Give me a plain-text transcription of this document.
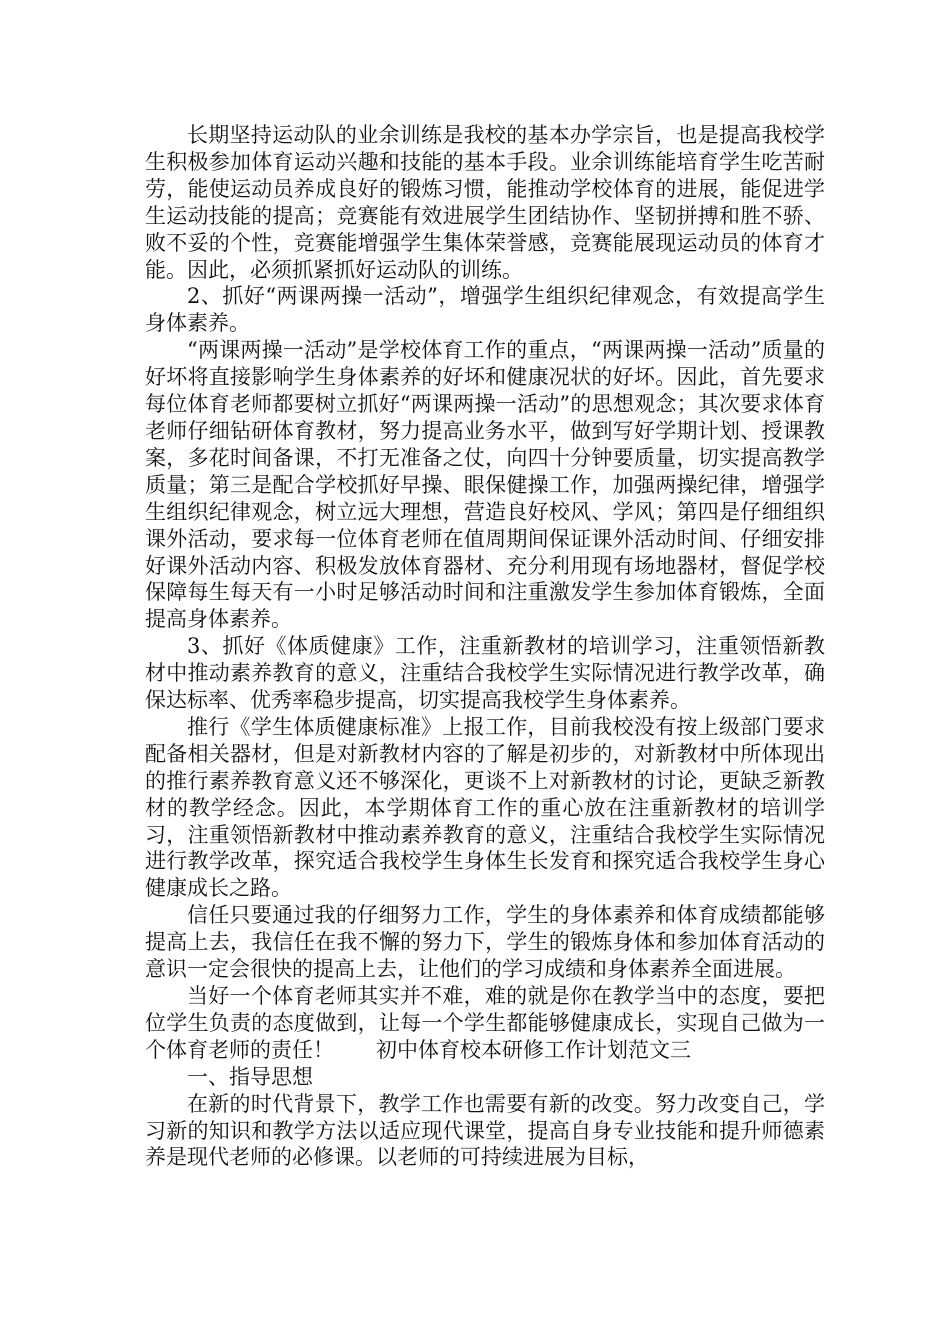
长期坚持运动队的业余训练是我校的基本办学宗旨，也是提高我校学生积极参加体育运动兴趣和技能的基本手段。业余训练能培育学生吃苦耐劳，能使运动员养成良好的锻炼习惯，能推动学校体育的进展，能促进学生运动技能的提高；竞赛能有效进展学生团结协作、坚韧拼搏和胜不骄、败不妥的个性，竞赛能增强学生集体荣誉感，竞赛能展现运动员的体育才能。因此，必须抓紧抓好运动队的训练。

2、抓好“两课两操一活动”，增强学生组织纪律观念，有效提高学生身体素养。

“两课两操一活动”是学校体育工作的重点，“两课两操一活动”质量的好坏将直接影响学生身体素养的好坏和健康况状的好坏。因此，首先要求每位体育老师都要树立抓好“两课两操一活动”的思想观念；其次要求体育老师仔细钻研体育教材，努力提高业务水平，做到写好学期计划、授课教案，多花时间备课，不打无准备之仗，向四十分钟要质量，切实提高教学质量；第三是配合学校抓好早操、眼保健操工作，加强两操纪律，增强学生组织纪律观念，树立远大理想，营造良好校风、学风；第四是仔细组织课外活动，要求每一位体育老师在值周期间保证课外活动时间、仔细安排好课外活动内容、积极发放体育器材、充分利用现有场地器材，督促学校保障每生每天有一小时足够活动时间和注重激发学生参加体育锻炼，全面提高身体素养。

3、抓好《体质健康》工作，注重新教材的培训学习，注重领悟新教材中推动素养教育的意义，注重结合我校学生实际情况进行教学改革，确保达标率、优秀率稳步提高，切实提高我校学生身体素养。

推行《学生体质健康标准》上报工作，目前我校没有按上级部门要求配备相关器材，但是对新教材内容的了解是初步的，对新教材中所体现出的推行素养教育意义还不够深化，更谈不上对新教材的讨论，更缺乏新教材的教学经念。因此，本学期体育工作的重心放在注重新教材的培训学习，注重领悟新教材中推动素养教育的意义，注重结合我校学生实际情况进行教学改革，探究适合我校学生身体生长发育和探究适合我校学生身心健康成长之路。

信任只要通过我的仔细努力工作，学生的身体素养和体育成绩都能够提高上去，我信任在我不懈的努力下，学生的锻炼身体和参加体育活动的意识一定会很快的提高上去，让他们的学习成绩和身体素养全面进展。

当好一个体育老师其实并不难，难的就是你在教学当中的态度，要把位学生负责的态度做到，让每一个学生都能够健康成长，实现自己做为一个体育老师的责任！　　初中体育校本研修工作计划范文三

一、指导思想

在新的时代背景下，教学工作也需要有新的改变。努力改变自己，学习新的知识和教学方法以适应现代课堂，提高自身专业技能和提升师德素养是现代老师的必修课。以老师的可持续进展为目标，
